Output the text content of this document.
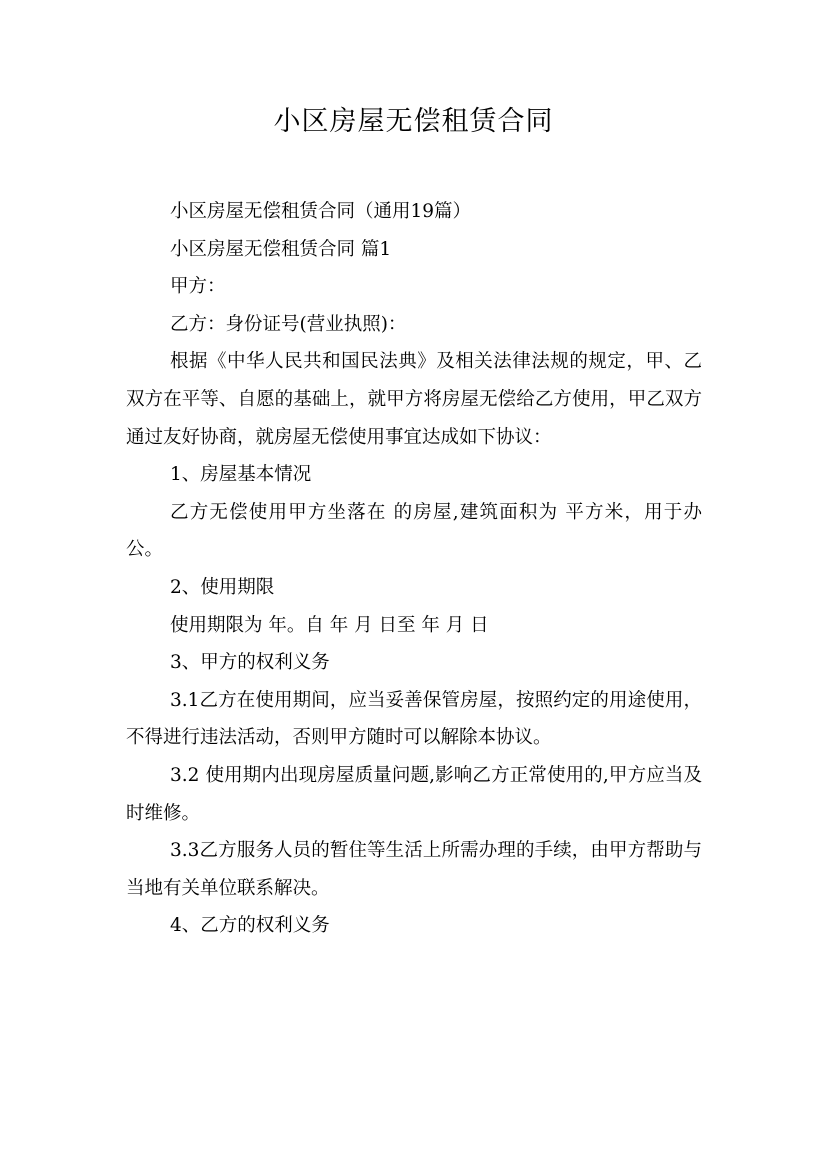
小区房屋无偿租赁合同

小区房屋无偿租赁合同（通用19篇）

小区房屋无偿租赁合同 篇1

甲方：

乙方：身份证号(营业执照)：

根据《中华人民共和国民法典》及相关法律法规的规定，甲、乙双方在平等、自愿的基础上，就甲方将房屋无偿给乙方使用，甲乙双方通过友好协商，就房屋无偿使用事宜达成如下协议：

1、房屋基本情况

乙方无偿使用甲方坐落在 的房屋,建筑面积为 平方米，用于办公。

2、使用期限

使用期限为 年。自 年 月 日至 年 月 日

3、甲方的权利义务

3.1乙方在使用期间，应当妥善保管房屋，按照约定的用途使用，不得进行违法活动，否则甲方随时可以解除本协议。

3.2 使用期内出现房屋质量问题,影响乙方正常使用的,甲方应当及时维修。

3.3乙方服务人员的暂住等生活上所需办理的手续，由甲方帮助与当地有关单位联系解决。

4、乙方的权利义务
